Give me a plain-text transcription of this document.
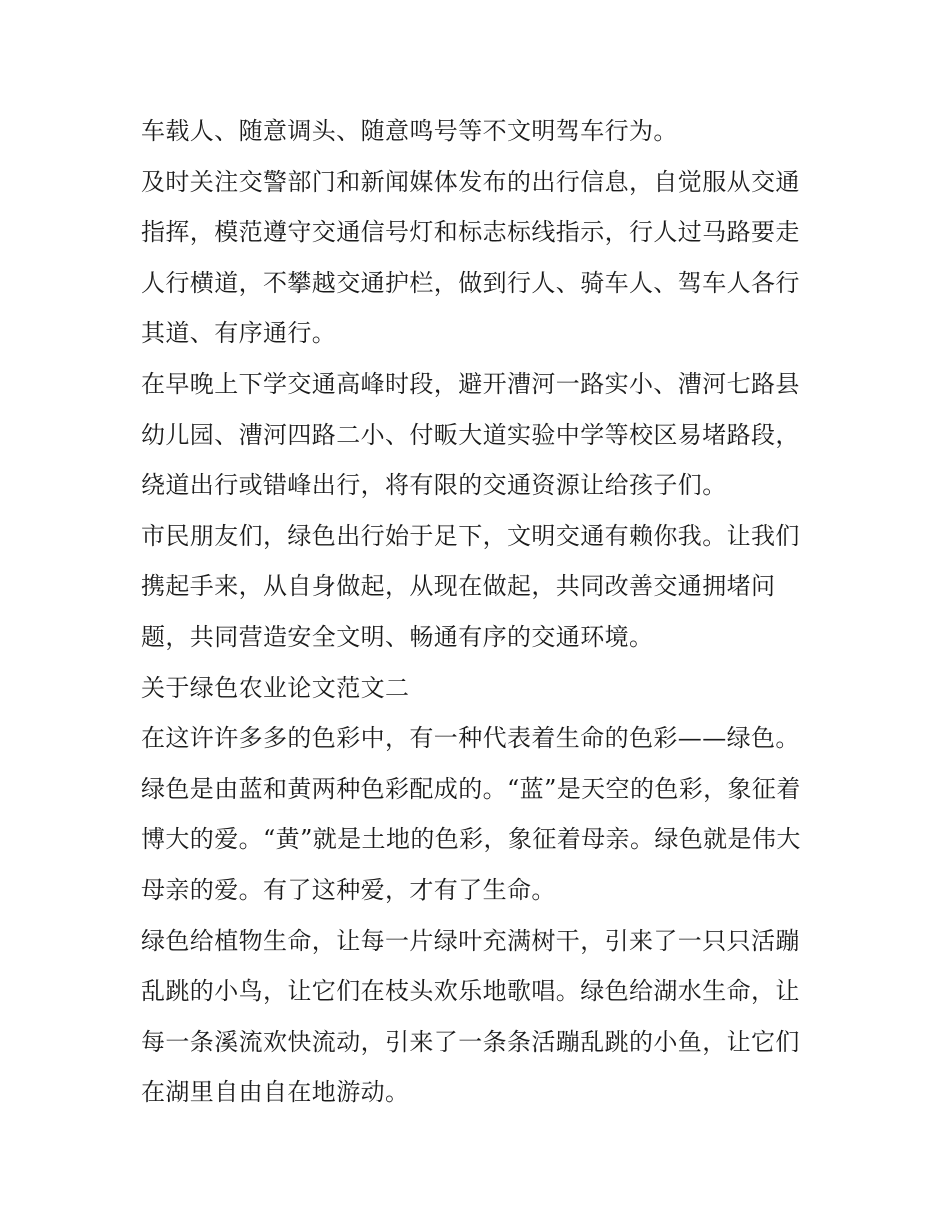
车载人、随意调头、随意鸣号等不文明驾车行为。
及时关注交警部门和新闻媒体发布的出行信息，自觉服从交通
指挥，模范遵守交通信号灯和标志标线指示，行人过马路要走
人行横道，不攀越交通护栏，做到行人、骑车人、驾车人各行
其道、有序通行。
在早晚上下学交通高峰时段，避开漕河一路实小、漕河七路县
幼儿园、漕河四路二小、付畈大道实验中学等校区易堵路段，
绕道出行或错峰出行，将有限的交通资源让给孩子们。
市民朋友们，绿色出行始于足下，文明交通有赖你我。让我们
携起手来，从自身做起，从现在做起，共同改善交通拥堵问
题，共同营造安全文明、畅通有序的交通环境。
关于绿色农业论文范文二
在这许许多多的色彩中，有一种代表着生命的色彩——绿色。
绿色是由蓝和黄两种色彩配成的。“蓝”是天空的色彩，象征着
博大的爱。“黄”就是土地的色彩，象征着母亲。绿色就是伟大
母亲的爱。有了这种爱，才有了生命。
绿色给植物生命，让每一片绿叶充满树干，引来了一只只活蹦
乱跳的小鸟，让它们在枝头欢乐地歌唱。绿色给湖水生命，让
每一条溪流欢快流动，引来了一条条活蹦乱跳的小鱼，让它们
在湖里自由自在地游动。
